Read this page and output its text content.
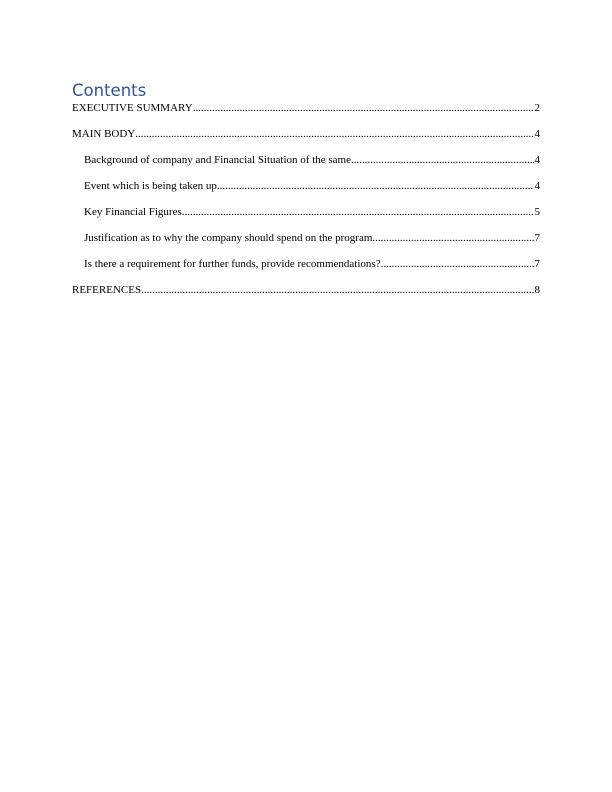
Contents
EXECUTIVE SUMMARY .....	2
MAIN BODY .....	4
Background of company and Financial Situation of the same .....	4
Event which is being taken up .....	4
Key Financial Figures .....	5
Justification as to why the company should spend on the program .....	7
Is there a requirement for further funds, provide recommendations? .....	7
REFERENCES .....	8
